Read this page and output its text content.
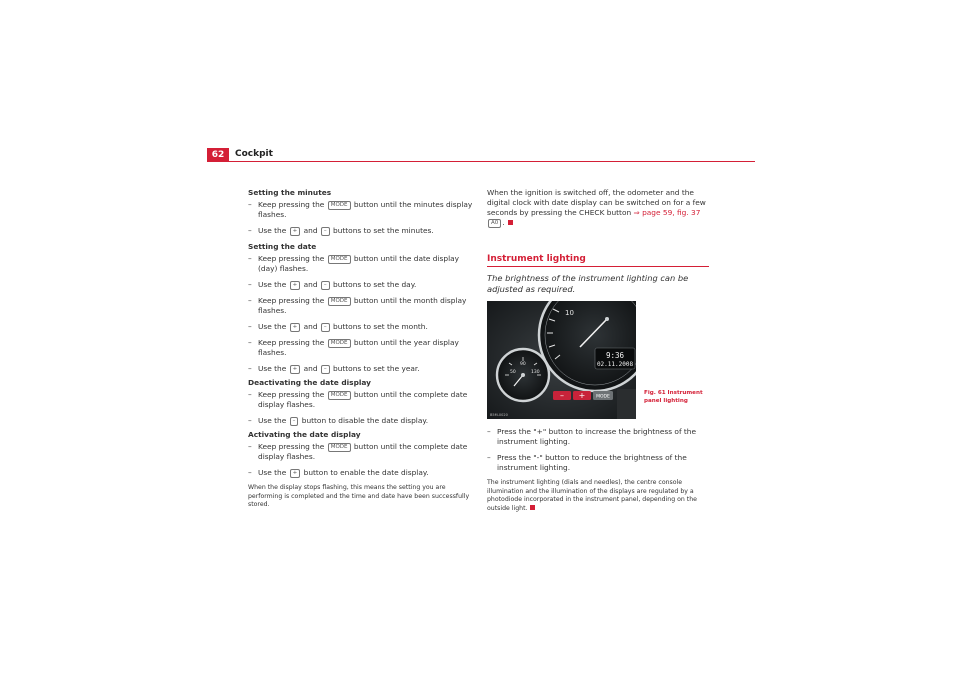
62	Cockpit
Setting the minutes
– Keep pressing the MODE button until the minutes display flashes.
– Use the + and – buttons to set the minutes.
Setting the date
– Keep pressing the MODE button until the date display (day) flashes.
– Use the + and – buttons to set the day.
– Keep pressing the MODE button until the month display flashes.
– Use the + and – buttons to set the month.
– Keep pressing the MODE button until the year display flashes.
– Use the + and – buttons to set the year.
Deactivating the date display
– Keep pressing the MODE button until the complete date display flashes.
– Use the – button to disable the date display.
Activating the date display
– Keep pressing the MODE button until the complete date display flashes.
– Use the + button to enable the date display.
When the display stops flashing, this means the setting you are performing is completed and the time and date have been successfully stored.
When the ignition is switched off, the odometer and the digital clock with date display can be switched on for a few seconds by pressing the CHECK button ⇒ page 59, fig. 37 A0 .
Instrument lighting
The brightness of the instrument lighting can be adjusted as required.
10
9:36
02.11.2008
50
90
130
– + MODE
B5M-0020
– Press the "+" button to increase the brightness of the instrument lighting.
– Press the "-" button to reduce the brightness of the instrument lighting.
The instrument lighting (dials and needles), the centre console illumination and the illumination of the displays are regulated by a photodiode incorporated in the instrument panel, depending on the outside light.
Fig. 61 Instrument panel lighting
